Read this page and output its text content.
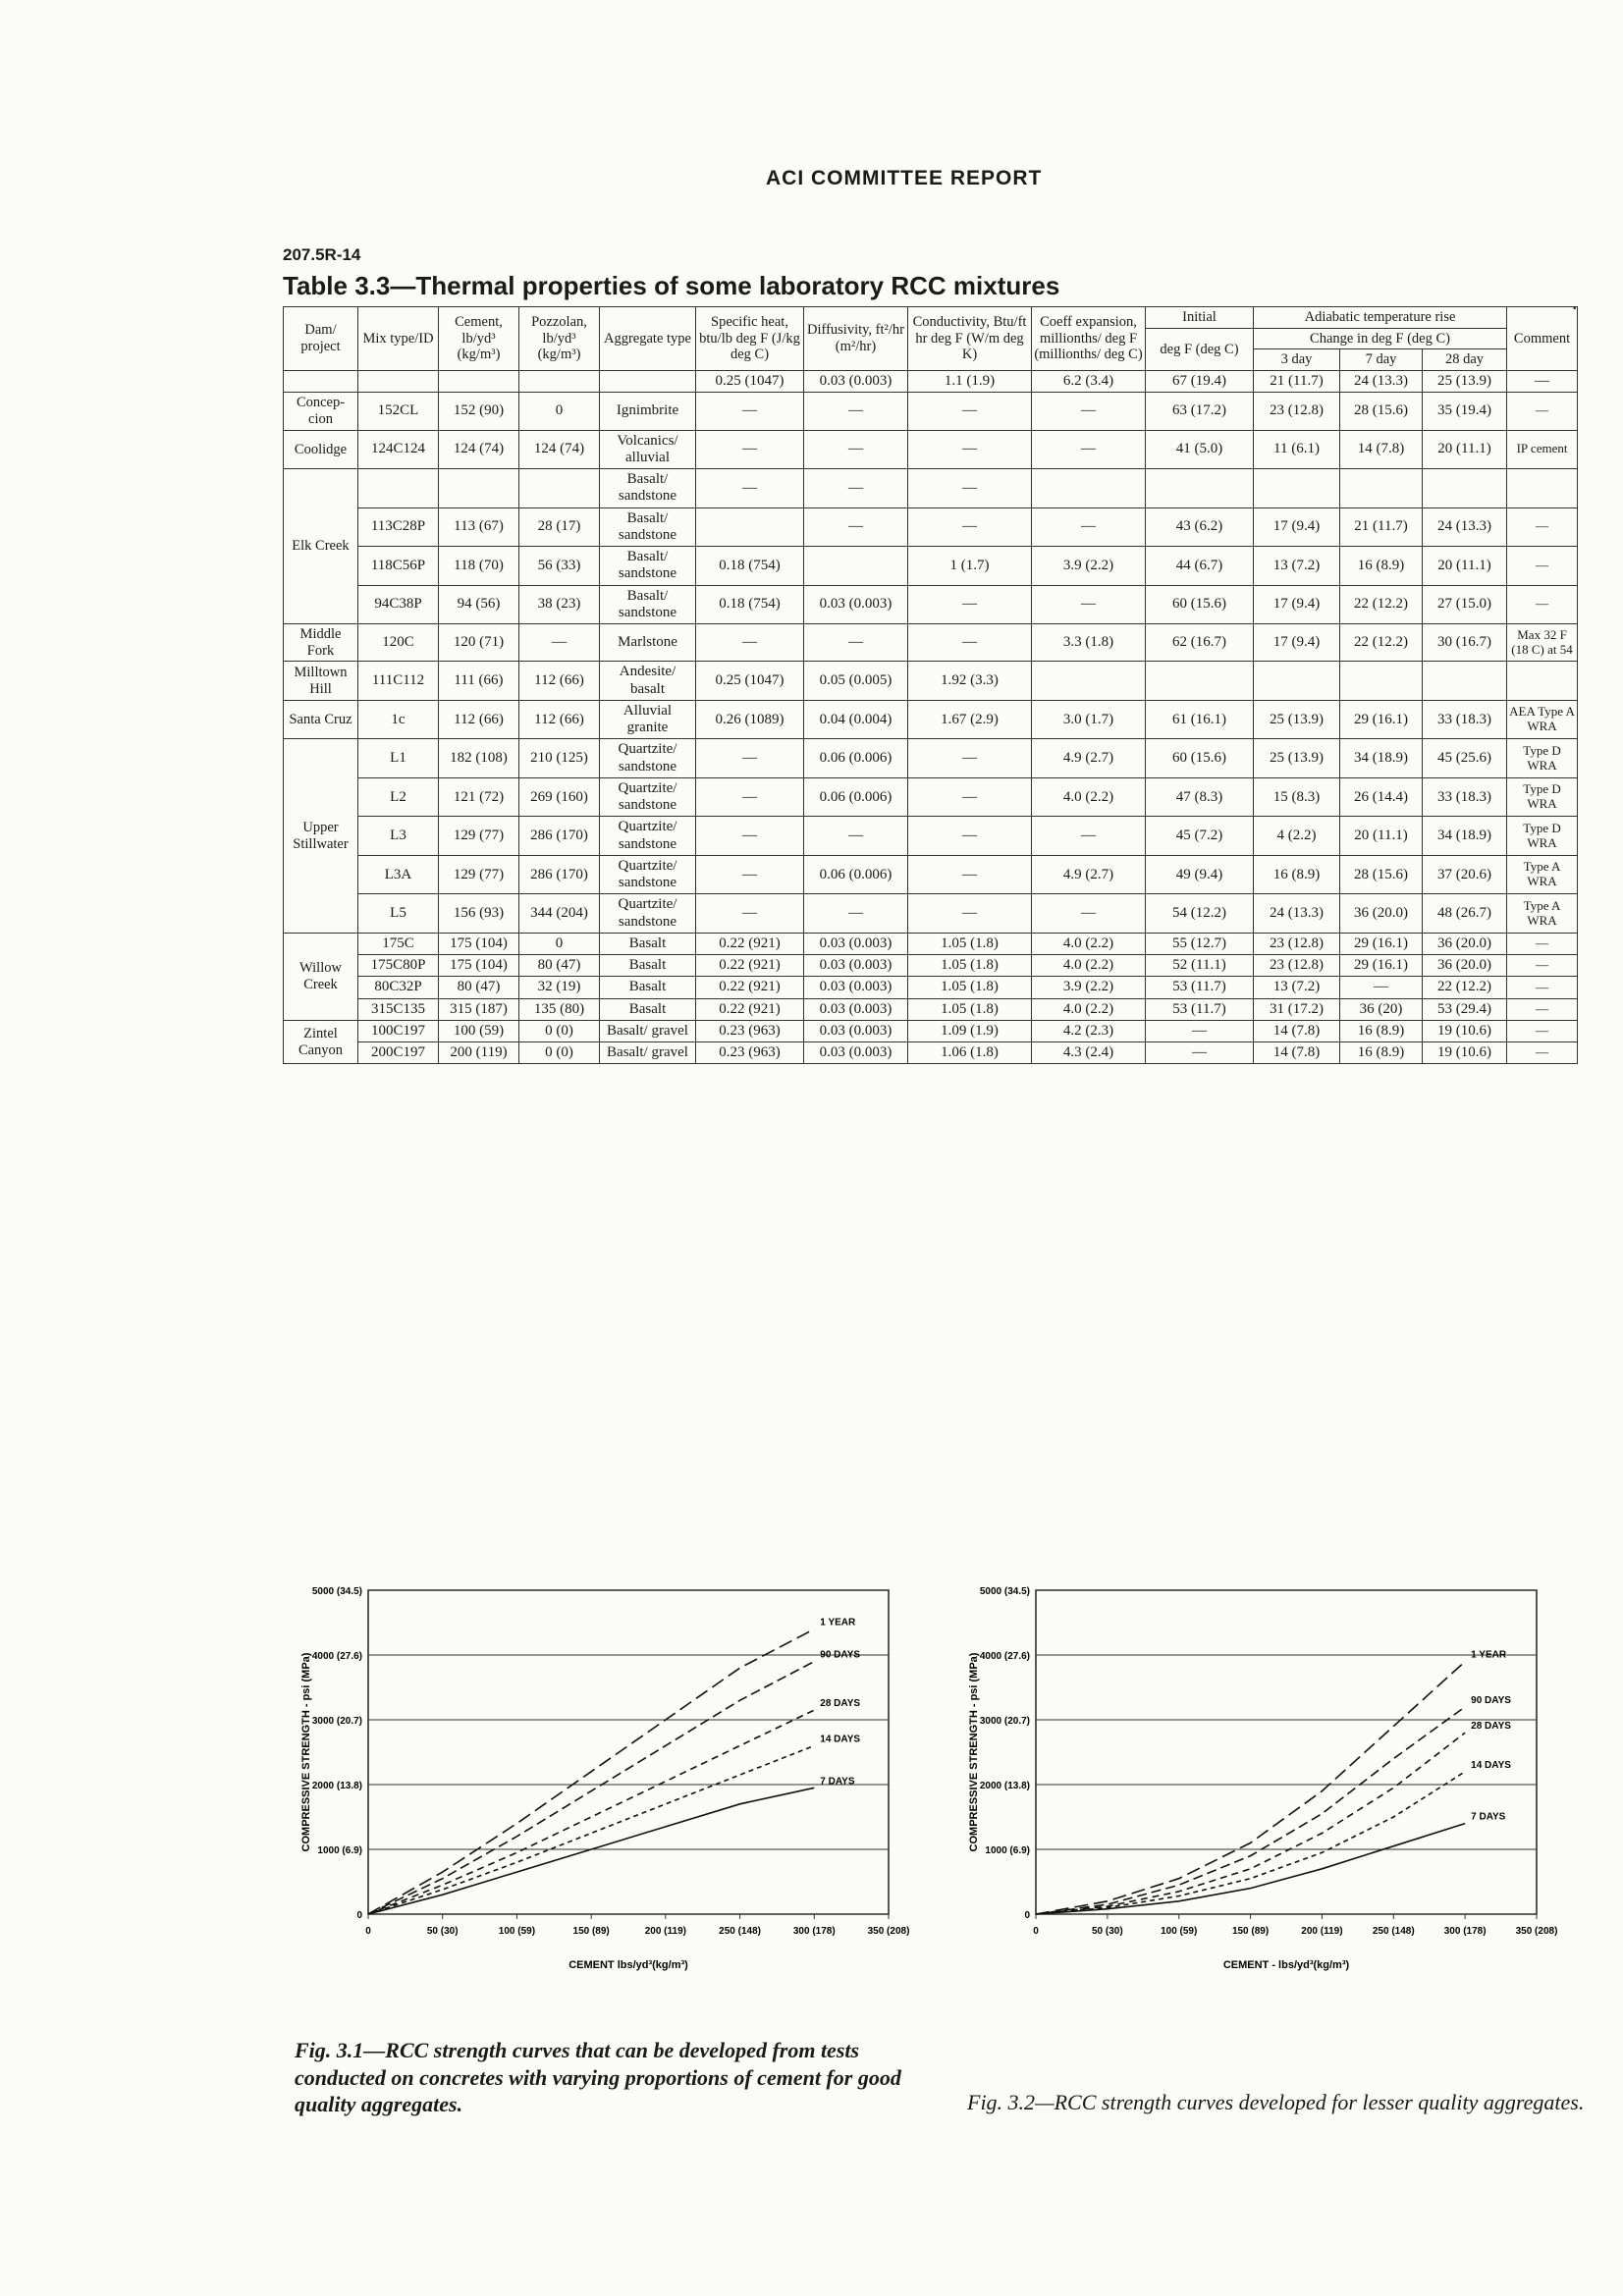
ACI COMMITTEE REPORT
207.5R-14
Table 3.3—Thermal properties of some laboratory RCC mixtures
Dam/ project	Mix type/ID	Cement, lb/yd³ (kg/m³)	Pozzolan, lb/yd³ (kg/m³)	Aggregate type	Specific heat, btu/lb deg F (J/kg deg C)	Diffusivity, ft²/hr (m²/hr)	Conductivity, Btu/ft hr deg F (W/m deg K)	Coeff expansion, millionths/ deg F (millionths/ deg C)	Initial	Adiabatic temperature rise			Comment
									deg F (deg C)	Change in deg F (deg C)			
										3 day	7 day	28 day	
					0.25 (1047)	0.03 (0.003)	1.1 (1.9)	6.2 (3.4)	67 (19.4)	21 (11.7)	24 (13.3)	25 (13.9)	—
Concep-cion	152CL	152 (90)	0	Ignimbrite	—	—	—	—	63 (17.2)	23 (12.8)	28 (15.6)	35 (19.4)	—
Coolidge	124C124	124 (74)	124 (74)	Volcanics/ alluvial	—	—	—	—	41 (5.0)	11 (6.1)	14 (7.8)	20 (11.1)	IP cement
Elk Creek				Basalt/ sandstone	—	—	—						
	113C28P	113 (67)	28 (17)	Basalt/ sandstone		—	—	—	43 (6.2)	17 (9.4)	21 (11.7)	24 (13.3)	—
	118C56P	118 (70)	56 (33)	Basalt/ sandstone	0.18 (754)		1 (1.7)	3.9 (2.2)	44 (6.7)	13 (7.2)	16 (8.9)	20 (11.1)	—
	94C38P	94 (56)	38 (23)	Basalt/ sandstone	0.18 (754)	0.03 (0.003)	—	—	60 (15.6)	17 (9.4)	22 (12.2)	27 (15.0)	—
Middle Fork	120C	120 (71)	—	Marlstone	—	—	—	3.3 (1.8)	62 (16.7)	17 (9.4)	22 (12.2)	30 (16.7)	Max 32 F (18 C) at 54
Milltown Hill	111C112	111 (66)	112 (66)	Andesite/ basalt	0.25 (1047)	0.05 (0.005)	1.92 (3.3)						
Santa Cruz	1c	112 (66)	112 (66)	Alluvial granite	0.26 (1089)	0.04 (0.004)	1.67 (2.9)	3.0 (1.7)	61 (16.1)	25 (13.9)	29 (16.1)	33 (18.3)	AEA Type A WRA
Upper Stillwater	L1	182 (108)	210 (125)	Quartzite/ sandstone	—	0.06 (0.006)	—	4.9 (2.7)	60 (15.6)	25 (13.9)	34 (18.9)	45 (25.6)	Type D WRA
	L2	121 (72)	269 (160)	Quartzite/ sandstone	—	0.06 (0.006)	—	4.0 (2.2)	47 (8.3)	15 (8.3)	26 (14.4)	33 (18.3)	Type D WRA
	L3	129 (77)	286 (170)	Quartzite/ sandstone	—	—	—	—	45 (7.2)	4 (2.2)	20 (11.1)	34 (18.9)	Type D WRA
	L3A	129 (77)	286 (170)	Quartzite/ sandstone	—	0.06 (0.006)	—	4.9 (2.7)	49 (9.4)	16 (8.9)	28 (15.6)	37 (20.6)	Type A WRA
	L5	156 (93)	344 (204)	Quartzite/ sandstone	—	—	—	—	54 (12.2)	24 (13.3)	36 (20.0)	48 (26.7)	Type A WRA
Willow Creek	175C	175 (104)	0	Basalt	0.22 (921)	0.03 (0.003)	1.05 (1.8)	4.0 (2.2)	55 (12.7)	23 (12.8)	29 (16.1)	36 (20.0)	—
	175C80P	175 (104)	80 (47)	Basalt	0.22 (921)	0.03 (0.003)	1.05 (1.8)	4.0 (2.2)	52 (11.1)	23 (12.8)	29 (16.1)	36 (20.0)	—
	80C32P	80 (47)	32 (19)	Basalt	0.22 (921)	0.03 (0.003)	1.05 (1.8)	3.9 (2.2)	53 (11.7)	13 (7.2)	—	22 (12.2)	—
	315C135	315 (187)	135 (80)	Basalt	0.22 (921)	0.03 (0.003)	1.05 (1.8)	4.0 (2.2)	53 (11.7)	31 (17.2)	36 (20)	53 (29.4)	—
Zintel Canyon	100C197	100 (59)	0 (0)	Basalt/ gravel	0.23 (963)	0.03 (0.003)	1.09 (1.9)	4.2 (2.3)	—	14 (7.8)	16 (8.9)	19 (10.6)	—
	200C197	200 (119)	0 (0)	Basalt/ gravel	0.23 (963)	0.03 (0.003)	1.06 (1.8)	4.3 (2.4)	—	14 (7.8)	16 (8.9)	19 (10.6)	—
0
1000 (6.9)
2000 (13.8)
3000 (20.7)
4000 (27.6)
5000 (34.5)
0	50 (30)	100 (59)	150 (89)	200 (119)	250 (148)	300 (178)	350 (208)
CEMENT lbs/yd³(kg/m³)
COMPRESSIVE STRENGTH - psi (MPa)
1 YEAR
90 DAYS
28 DAYS
14 DAYS
7 DAYS
0
1000 (6.9)
2000 (13.8)
3000 (20.7)
4000 (27.6)
5000 (34.5)
0	50 (30)	100 (59)	150 (89)	200 (119)	250 (148)	300 (178)	350 (208)
CEMENT - lbs/yd³(kg/m³)
COMPRESSIVE STRENGTH - psi (MPa)	1 YEAR
90 DAYS
28 DAYS
14 DAYS
7 DAYS
Fig. 3.1—RCC strength curves that can be developed from tests conducted on concretes with varying proportions of cement for good quality aggregates.	Fig. 3.2—RCC strength curves developed for lesser quality aggregates.
·
